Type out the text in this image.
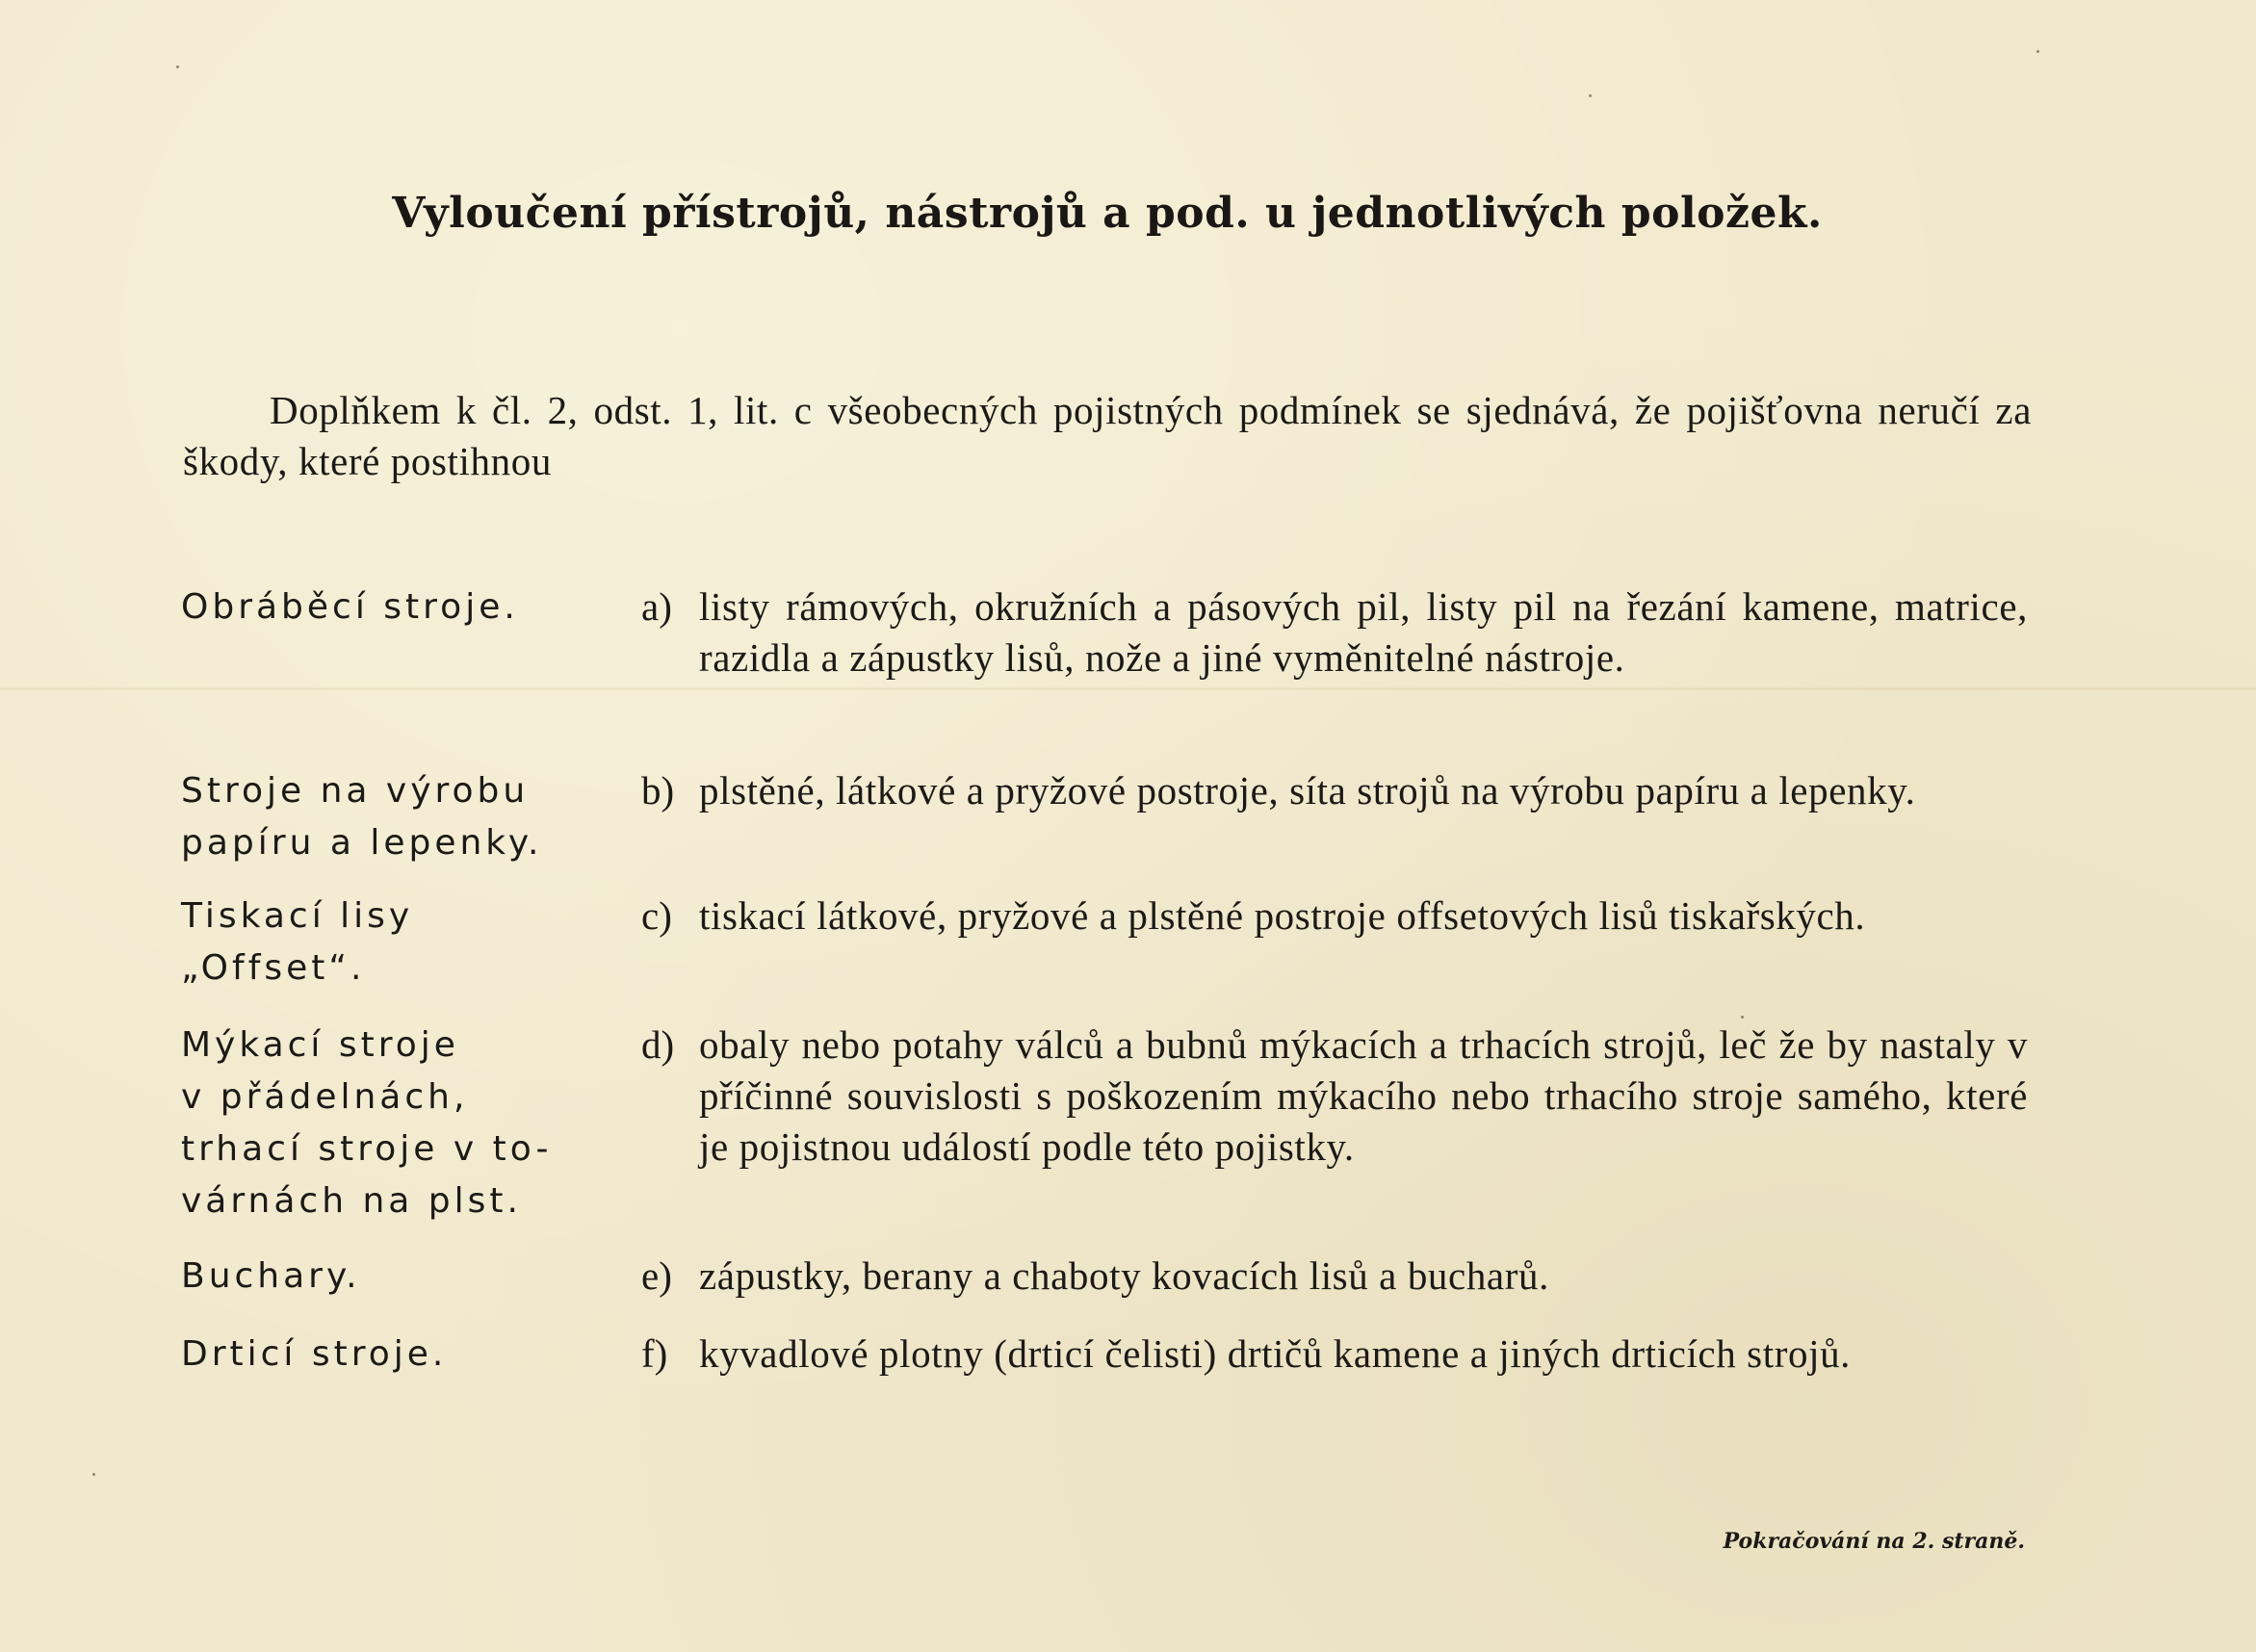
Vyloučení přístrojů, nástrojů a pod. u jednotlivých položek.
Doplňkem k čl. 2, odst. 1, lit. c všeobecných pojistných podmínek se sjednává, že pojišťovna neručí za škody, které postihnou
Obráběcí stroje.	a) listy rámových, okružních a pásových pil, listy pil na řezání kamene, matrice, razidla a zápustky lisů, nože a jiné vyměnitelné nástroje.
Stroje na výrobu
papíru a lepenky.
b) plstěné, látkové a pryžové postroje, síta strojů na výrobu papíru a lepenky.
Tiskací lisy
„Offset“.
c) tiskací látkové, pryžové a plstěné postroje offsetových lisů tiskařských.
Mýkací stroje
v přádelnách,
trhací stroje v to-
várnách na plst.
d) obaly nebo potahy válců a bubnů mýkacích a trhacích strojů, leč že by nastaly v příčinné souvislosti s poškozením mýkacího nebo trhacího stroje samého, které je pojistnou událostí podle této pojistky.
Buchary.	e) zápustky, berany a chaboty kovacích lisů a bucharů.
Drticí stroje.	f) kyvadlové plotny (drticí čelisti) drtičů kamene a jiných drticích strojů.
Pokračování na 2. straně.
